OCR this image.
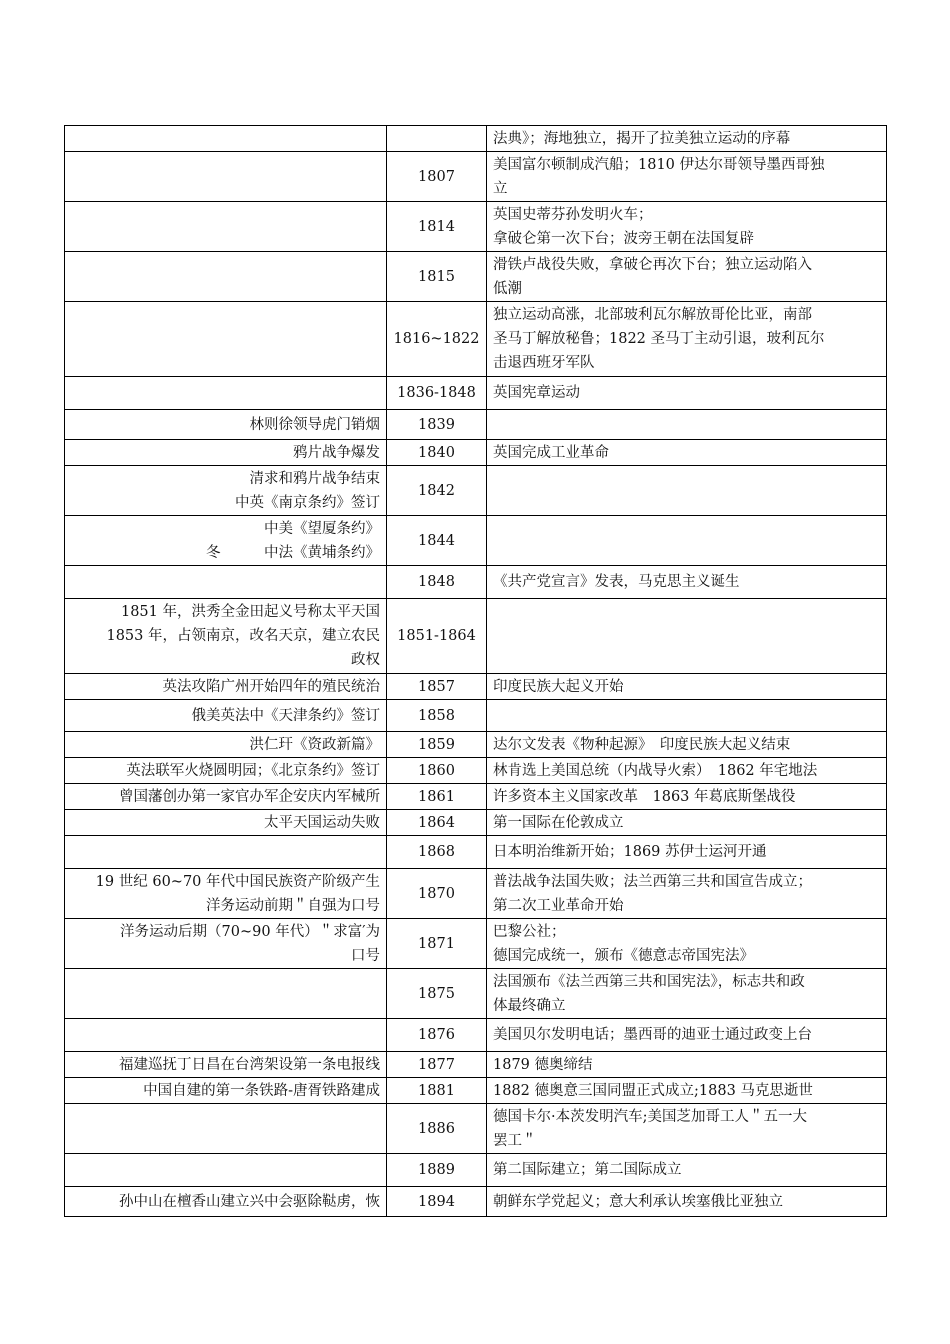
		法典》；海地独立，揭开了拉美独立运动的序幕

	1807	美国富尔顿制成汽船；1810 伊达尔哥领导墨西哥独
立

	1814	英国史蒂芬孙发明火车；
拿破仑第一次下台；波旁王朝在法国复辟

	1815	滑铁卢战役失败，拿破仑再次下台；独立运动陷入
低潮

	1816~1822	独立运动高涨，北部玻利瓦尔解放哥伦比亚，南部
圣马丁解放秘鲁；1822 圣马丁主动引退，玻利瓦尔
击退西班牙军队

	1836-1848	英国宪章运动

林则徐领导虎门销烟	1839	

鸦片战争爆发	1840	英国完成工业革命

清求和鸦片战争结束
中英《南京条约》签订	1842	

中美《望厦条约》
冬　　　中法《黄埔条约》	1844	
	1848	《共产党宣言》发表，马克思主义诞生

1851 年，洪秀全金田起义号称太平天国
1853 年，占领南京，改名天京，建立农民
政权	1851-1864	

英法攻陷广州开始四年的殖民统治	1857	印度民族大起义开始

俄美英法中《天津条约》签订	1858	

洪仁玕《资政新篇》	1859	达尔文发表《物种起源》　印度民族大起义结束

英法联军火烧圆明园；《北京条约》签订	1860	林肯选上美国总统（内战导火索）　1862 年宅地法

曾国藩创办第一家官办军企安庆内军械所	1861	许多资本主义国家改革　1863 年葛底斯堡战役

太平天国运动失败	1864	第一国际在伦敦成立

	1868	日本明治维新开始；1869 苏伊士运河开通

19 世纪 60~70 年代中国民族资产阶级产生
洋务运动前期＂自强为口号	1870	普法战争法国失败；法兰西第三共和国宣告成立；
第二次工业革命开始

洋务运动后期（70~90 年代）＂求富′为
口号	1871	巴黎公社；
德国完成统一，颁布《德意志帝国宪法》

	1875	法国颁布《法兰西第三共和国宪法》，标志共和政
体最终确立

	1876	美国贝尔发明电话；墨西哥的迪亚士通过政变上台

福建巡抚丁日昌在台湾架设第一条电报线	1877	1879 德奥缔结

中国自建的第一条铁路-唐胥铁路建成	1881	1882 德奥意三国同盟正式成立;1883 马克思逝世

	1886	德国卡尔·本茨发明汽车;美国芝加哥工人＂五一大
罢工＂

	1889	第二国际建立；第二国际成立

孙中山在檀香山建立兴中会驱除鞑虏，恢	1894	朝鲜东学党起义；意大利承认埃塞俄比亚独立
